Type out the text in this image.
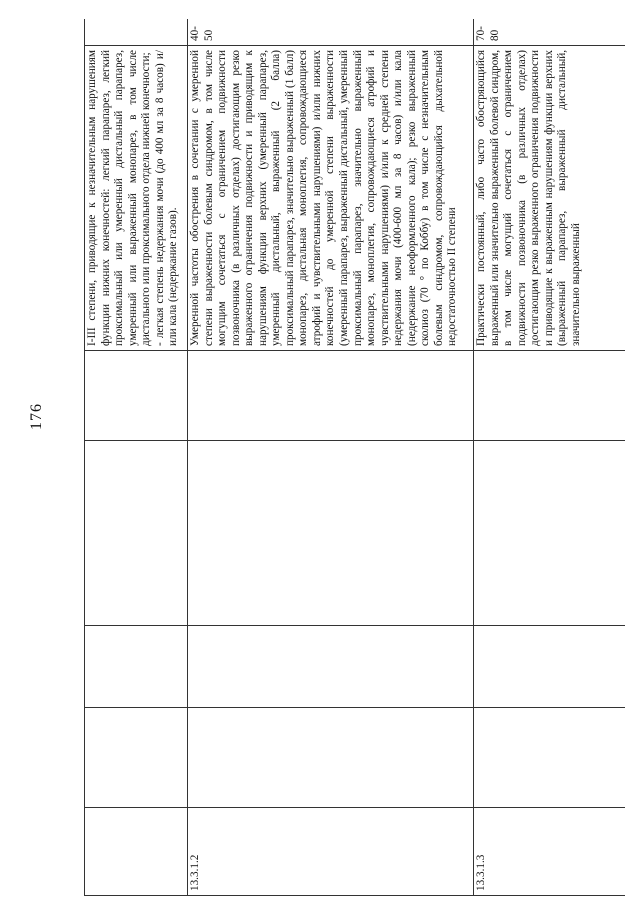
176
					I-III степени, приводящие к незначительным нарушениям функции нижних конечностей: легкий парапарез, легкий проксимальный или умеренный дистальный парапарез, умеренный или выраженный монопарез, в том числе дистального или проксимального отдела нижней конечности;
- легкая степень недержания мочи (до 400 мл за 8 часов) и/или кала (недержание газов).	
13.3.1.2					Умеренной частоты обострения в сочетании с умеренной степени выраженности болевым синдромом, в том числе могущим сочетаться с ограничением подвижности позвоночника (в различных отделах) достигающим резко выраженного ограничения подвижности и приводящим к нарушениям функции верхних (умеренный парапарез, умеренный дистальный, выраженный (2 балла) проксимальный парапарез, значительно выраженный (1 балл) монопарез, дистальная моноплегия, сопровождающиеся атрофий и чувствительными нарушениями) и/или нижних конечностей до умеренной степени выраженности (умеренный парапарез, выраженный дистальный, умеренный проксимальный парапарез, значительно выраженный монопарез, моноплегия, сопровождающиеся атрофий и чувствительными нарушениями) и/или к средней степени недержания мочи (400-600 мл за 8 часов) и/или кала (недержание неоформленного кала); резко выраженный сколиоз (70 ° по Коббу) в том числе с незначительным болевым синдромом, сопровождающийся дыхательной недостаточностью II степени	40-50
13.3.1.3					Практически постоянный, либо часто обостряющийся выраженный или значительно выраженный болевой синдром, в том числе могущий сочетаться с ограничением подвижности позвоночника (в различных отделах) достигающим резко выраженного ограничения подвижности и приводящие к выраженным нарушениям функции верхних (выраженный парапарез, выраженный дистальный, значительно выраженный	70-80
